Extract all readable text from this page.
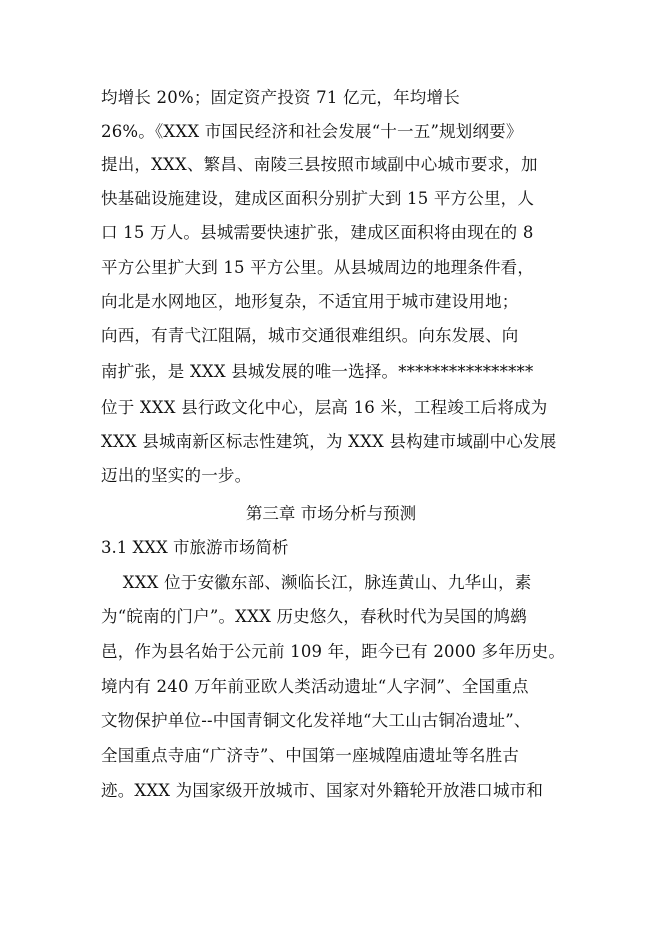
均增长 20%；固定资产投资 71 亿元，年均增长
26%。《XXX 市国民经济和社会发展“十一五”规划纲要》
提出，XXX、繁昌、南陵三县按照市域副中心城市要求，加
快基础设施建设，建成区面积分别扩大到 15 平方公里，人
口 15 万人。县城需要快速扩张，建成区面积将由现在的 8
平方公里扩大到 15 平方公里。从县城周边的地理条件看，
向北是水网地区，地形复杂，不适宜用于城市建设用地；
向西，有青弋江阻隔，城市交通很难组织。向东发展、向
南扩张，是 XXX 县城发展的唯一选择。****************
位于 XXX 县行政文化中心，层高 16 米，工程竣工后将成为
XXX 县城南新区标志性建筑，为 XXX 县构建市域副中心发展
迈出的坚实的一步。
第三章 市场分析与预测
3.1 XXX 市旅游市场简析
XXX 位于安徽东部、濒临长江，脉连黄山、九华山，素
为“皖南的门户”。XXX 历史悠久，春秋时代为吴国的鸠鹚
邑，作为县名始于公元前 109 年，距今已有 2000 多年历史。
境内有 240 万年前亚欧人类活动遗址“人字洞”、全国重点
文物保护单位--中国青铜文化发祥地“大工山古铜冶遗址”、
全国重点寺庙“广济寺”、中国第一座城隍庙遗址等名胜古
迹。XXX 为国家级开放城市、国家对外籍轮开放港口城市和
